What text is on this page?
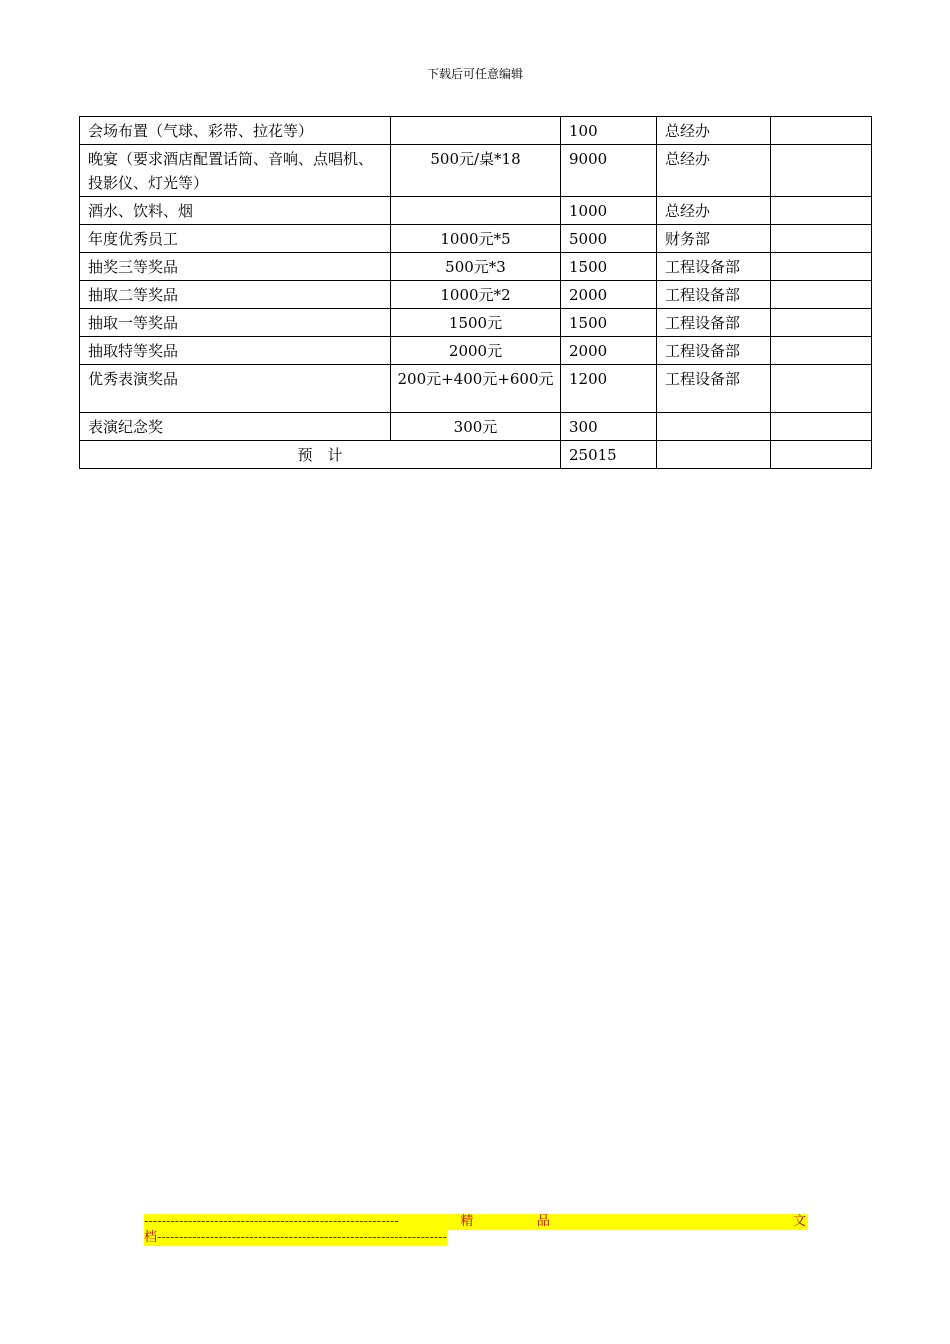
下载后可任意编辑
会场布置（气球、彩带、拉花等）		100	总经办	
晚宴（要求酒店配置话筒、音响、点唱机、投影仪、灯光等）	500元/桌*18	9000	总经办	
酒水、饮料、烟		1000	总经办	
年度优秀员工	1000元*5	5000	财务部	
抽奖三等奖品	500元*3	1500	工程设备部	
抽取二等奖品	1000元*2	2000	工程设备部	
抽取一等奖品	1500元	1500	工程设备部	
抽取特等奖品	2000元	2000	工程设备部	
优秀表演奖品	200元+400元+600元	1200	工程设备部	
表演纪念奖	300元	300		
预　计		25015		
----------------------------------------------------------	精	品	文
档------------------------------------------------------------------
